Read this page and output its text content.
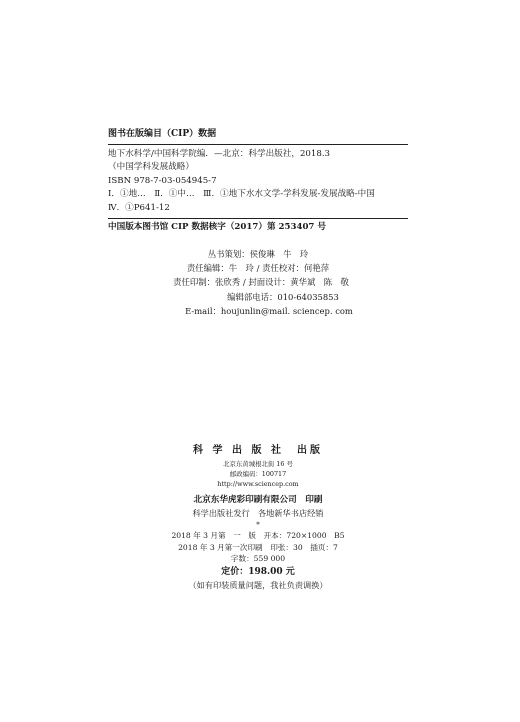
图书在版编目（CIP）数据
地下水科学/中国科学院编．—北京：科学出版社，2018.3
（中国学科发展战略）
ISBN 978-7-03-054945-7
Ⅰ．①地…　Ⅱ．①中…　Ⅲ．①地下水水文学-学科发展-发展战略-中国
Ⅳ．①P641-12
中国版本图书馆 CIP 数据核字（2017）第 253407 号
丛书策划：侯俊琳　牛　玲
责任编辑：牛　玲 / 责任校对：何艳萍
责任印制：张欣秀 / 封面设计：黄华斌　陈　敬
编辑部电话：010-64035853
E-mail：houjunlin@mail. sciencep. com
科 学 出 版 社　出版
北京东黄城根北街 16 号
邮政编码：100717
http://www.sciencep.com
北京东华虎彩印刷有限公司　印刷
科学出版社发行　各地新华书店经销
*
2018 年 3 月第　一　版　开本：720×1000　B5
2018 年 3 月第一次印刷　印张：30　插页：7
字数：559 000
定价：198.00 元
（如有印装质量问题，我社负责调换）
